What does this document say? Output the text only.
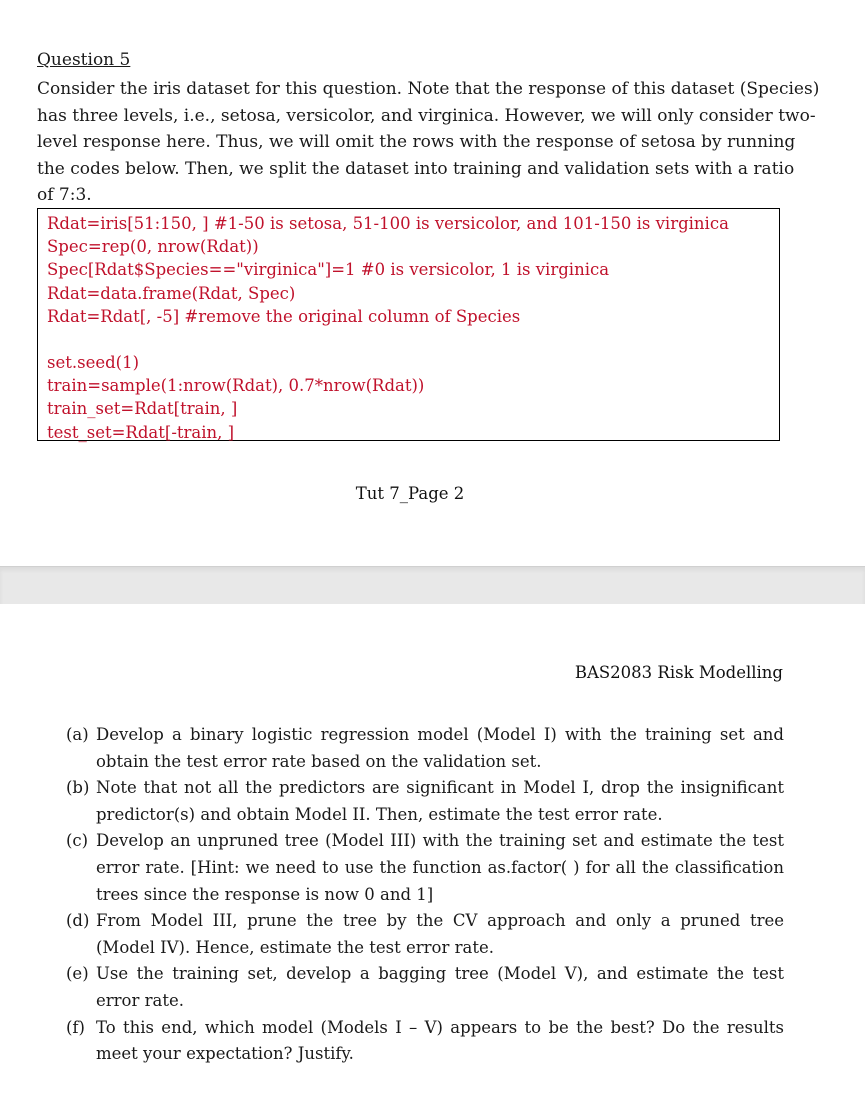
Question 5
Consider the iris dataset for this question. Note that the response of this dataset (Species)
has three levels, i.e., setosa, versicolor, and virginica. However, we will only consider two-
level response here. Thus, we will omit the rows with the response of setosa by running
the codes below. Then, we split the dataset into training and validation sets with a ratio
of 7:3.
Rdat=iris[51:150, ] #1-50 is setosa, 51-100 is versicolor, and 101-150 is virginica
Spec=rep(0, nrow(Rdat))
Spec[Rdat$Species=="virginica"]=1 #0 is versicolor, 1 is virginica
Rdat=data.frame(Rdat, Spec)
Rdat=Rdat[, -5] #remove the original column of Species
set.seed(1)
train=sample(1:nrow(Rdat), 0.7*nrow(Rdat))
train_set=Rdat[train, ]
test_set=Rdat[-train, ]
Tut 7_Page 2
BAS2083 Risk Modelling
(a) Develop a binary logistic regression model (Model I) with the training set and obtain the test error rate based on the validation set.
(b) Note that not all the predictors are significant in Model I, drop the insignificant predictor(s) and obtain Model II. Then, estimate the test error rate.
(c) Develop an unpruned tree (Model III) with the training set and estimate the test error rate. [Hint: we need to use the function as.factor( ) for all the classification trees since the response is now 0 and 1]
(d) From Model III, prune the tree by the CV approach and only a pruned tree (Model IV). Hence, estimate the test error rate.
(e) Use the training set, develop a bagging tree (Model V), and estimate the test error rate.
(f) To this end, which model (Models I – V) appears to be the best? Do the results meet your expectation? Justify.
